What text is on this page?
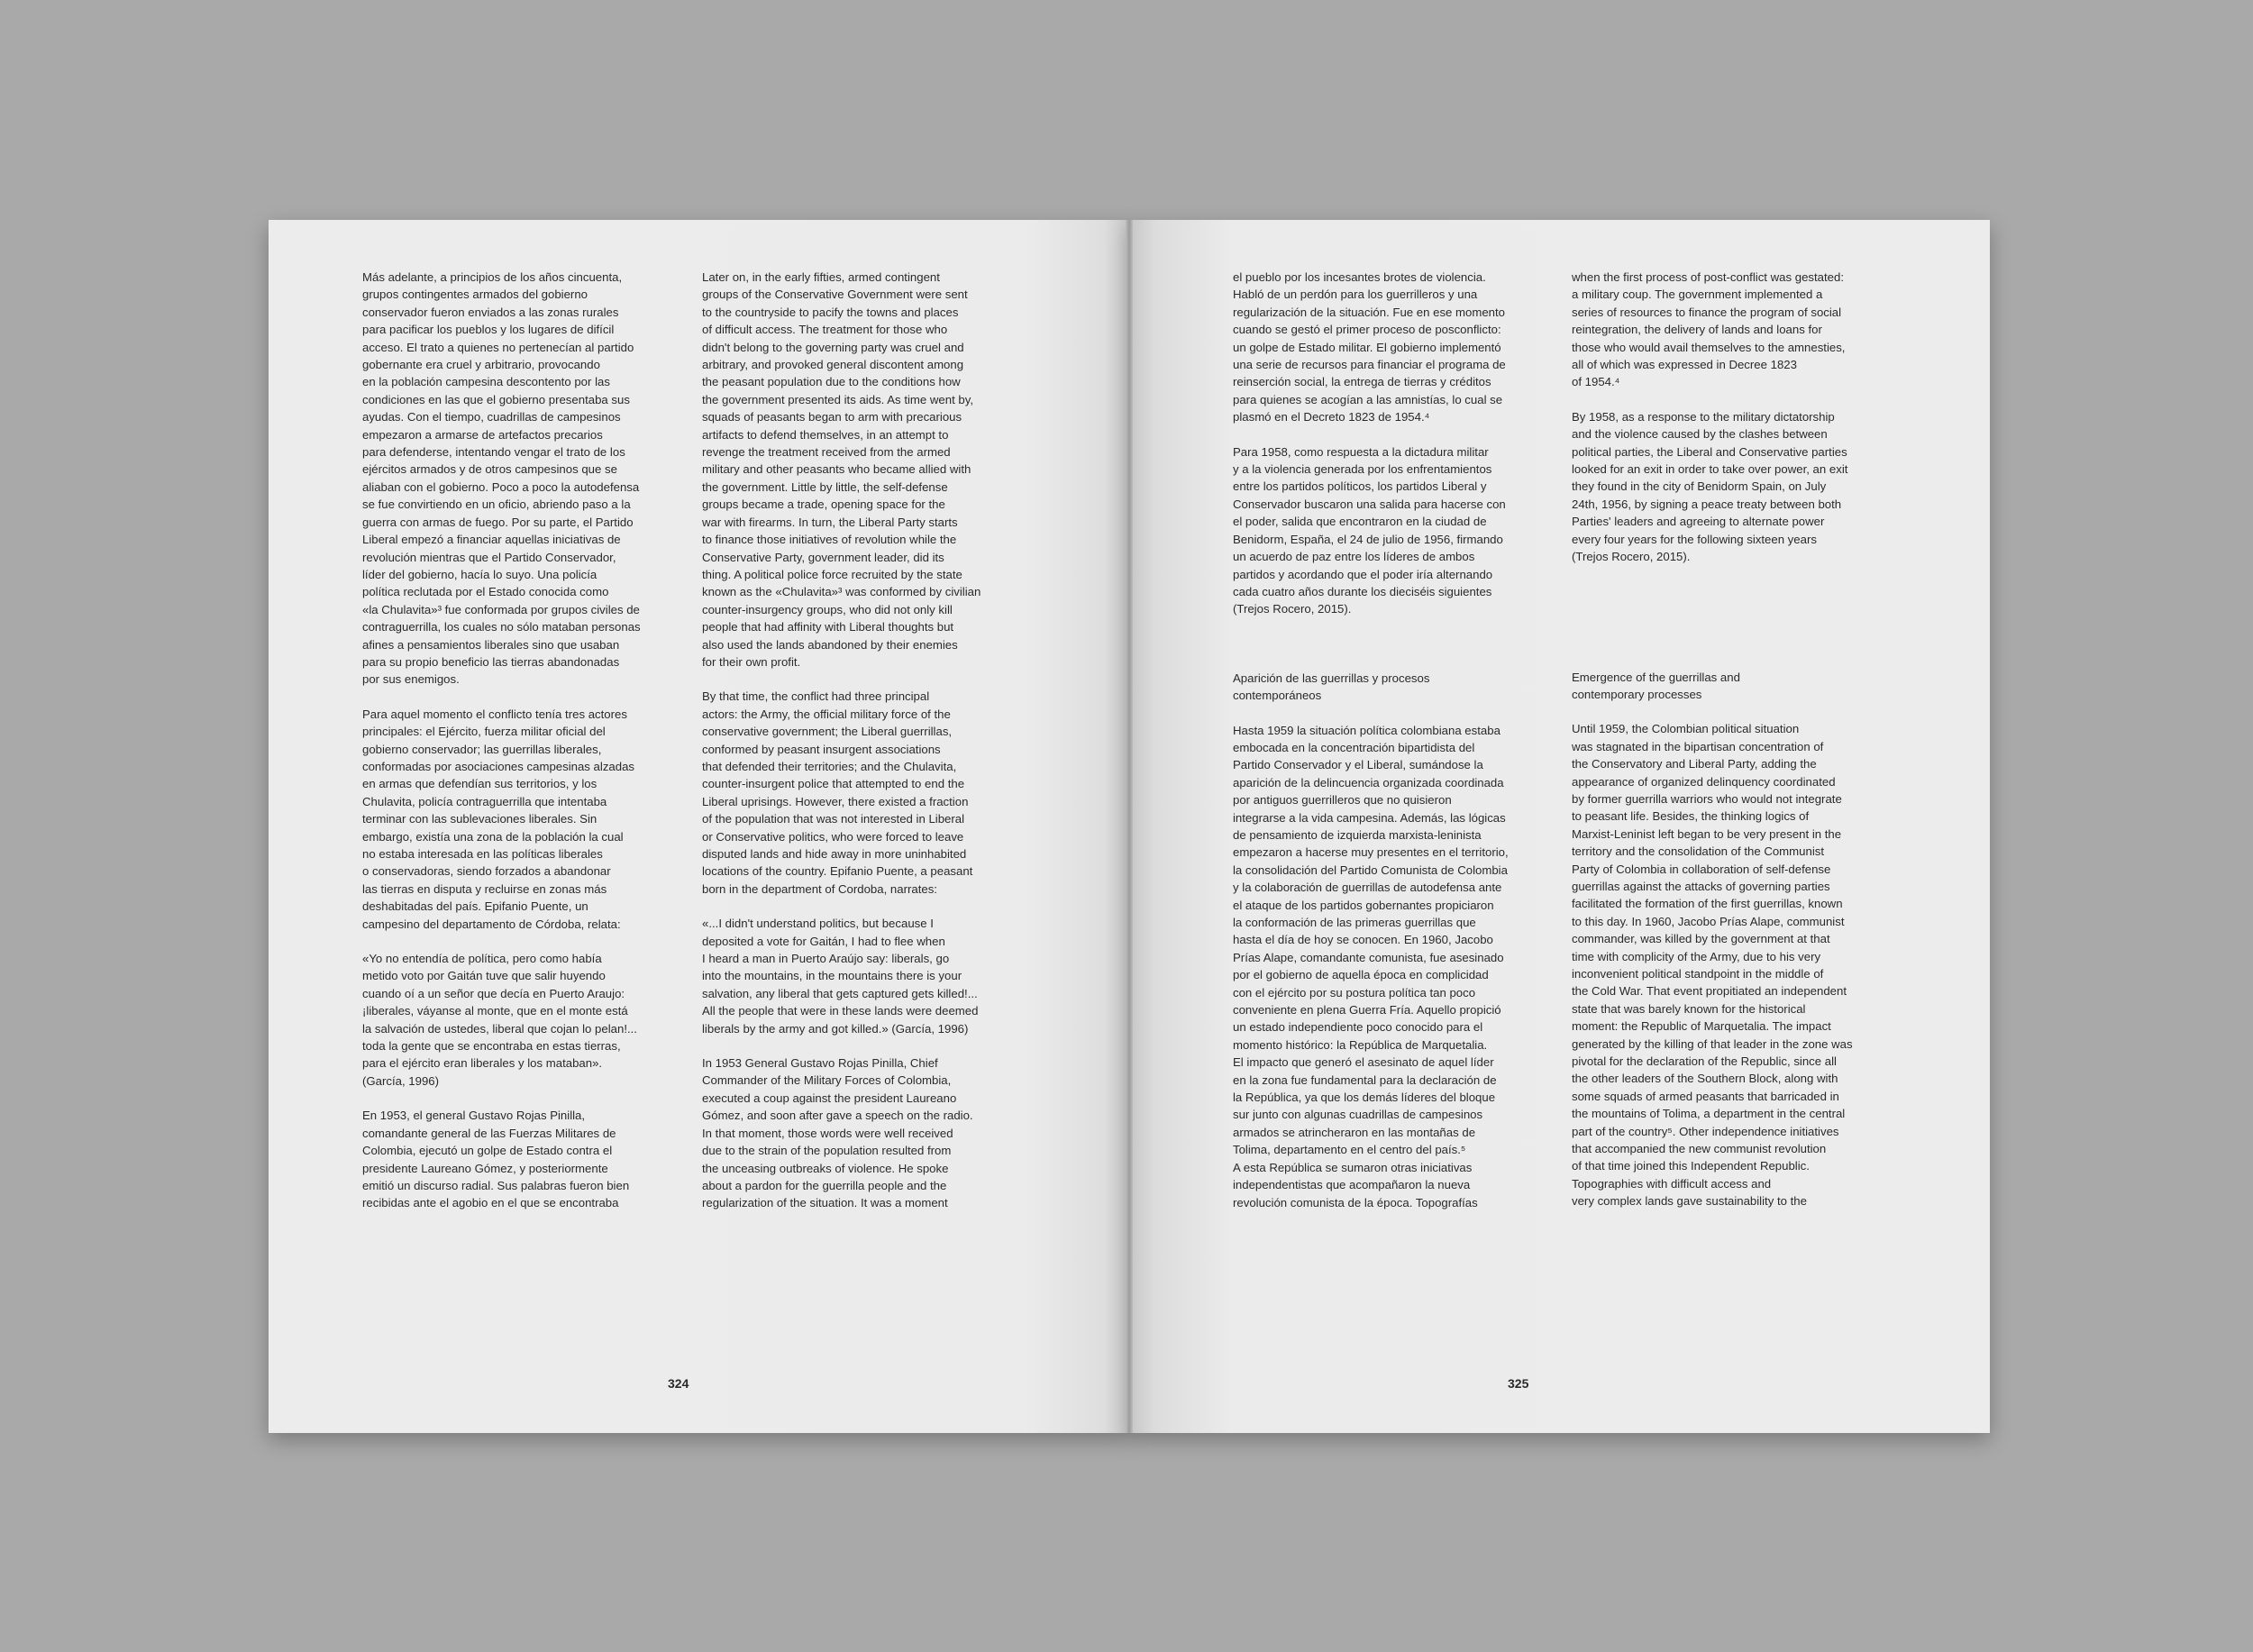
Más adelante, a principios de los años cincuenta,
grupos contingentes armados del gobierno
conservador fueron enviados a las zonas rurales
para pacificar los pueblos y los lugares de difícil
acceso. El trato a quienes no pertenecían al partido
gobernante era cruel y arbitrario, provocando
en la población campesina descontento por las
condiciones en las que el gobierno presentaba sus
ayudas. Con el tiempo, cuadrillas de campesinos
empezaron a armarse de artefactos precarios
para defenderse, intentando vengar el trato de los
ejércitos armados y de otros campesinos que se
aliaban con el gobierno. Poco a poco la autodefensa
se fue convirtiendo en un oficio, abriendo paso a la
guerra con armas de fuego. Por su parte, el Partido
Liberal empezó a financiar aquellas iniciativas de
revolución mientras que el Partido Conservador,
líder del gobierno, hacía lo suyo. Una policía
política reclutada por el Estado conocida como
«la Chulavita»³ fue conformada por grupos civiles de
contraguerrilla, los cuales no sólo mataban personas
afines a pensamientos liberales sino que usaban
para su propio beneficio las tierras abandonadas
por sus enemigos.

Para aquel momento el conflicto tenía tres actores
principales: el Ejército, fuerza militar oficial del
gobierno conservador; las guerrillas liberales,
conformadas por asociaciones campesinas alzadas
en armas que defendían sus territorios, y los
Chulavita, policía contraguerrilla que intentaba
terminar con las sublevaciones liberales. Sin
embargo, existía una zona de la población la cual
no estaba interesada en las políticas liberales
o conservadoras, siendo forzados a abandonar
las tierras en disputa y recluirse en zonas más
deshabitadas del país. Epifanio Puente, un
campesino del departamento de Córdoba, relata:

«Yo no entendía de política, pero como había
metido voto por Gaitán tuve que salir huyendo
cuando oí a un señor que decía en Puerto Araujo:
¡liberales, váyanse al monte, que en el monte está
la salvación de ustedes, liberal que cojan lo pelan!...
toda la gente que se encontraba en estas tierras,
para el ejército eran liberales y los mataban».
(García, 1996)

En 1953, el general Gustavo Rojas Pinilla,
comandante general de las Fuerzas Militares de
Colombia, ejecutó un golpe de Estado contra el
presidente Laureano Gómez, y posteriormente
emitió un discurso radial. Sus palabras fueron bien
recibidas ante el agobio en el que se encontraba

Later on, in the early fifties, armed contingent
groups of the Conservative Government were sent
to the countryside to pacify the towns and places
of difficult access. The treatment for those who
didn't belong to the governing party was cruel and
arbitrary, and provoked general discontent among
the peasant population due to the conditions how
the government presented its aids. As time went by,
squads of peasants began to arm with precarious
artifacts to defend themselves, in an attempt to
revenge the treatment received from the armed
military and other peasants who became allied with
the government. Little by little, the self-defense
groups became a trade, opening space for the
war with firearms. In turn, the Liberal Party starts
to finance those initiatives of revolution while the
Conservative Party, government leader, did its
thing. A political police force recruited by the state
known as the «Chulavita»³ was conformed by civilian
counter-insurgency groups, who did not only kill
people that had affinity with Liberal thoughts but
also used the lands abandoned by their enemies
for their own profit.

By that time, the conflict had three principal
actors: the Army, the official military force of the
conservative government; the Liberal guerrillas,
conformed by peasant insurgent associations
that defended their territories; and the Chulavita,
counter-insurgent police that attempted to end the
Liberal uprisings. However, there existed a fraction
of the population that was not interested in Liberal
or Conservative politics, who were forced to leave
disputed lands and hide away in more uninhabited
locations of the country. Epifanio Puente, a peasant
born in the department of Cordoba, narrates:

«...I didn't understand politics, but because I
deposited a vote for Gaitán, I had to flee when
I heard a man in Puerto Araújo say: liberals, go
into the mountains, in the mountains there is your
salvation, any liberal that gets captured gets killed!...
All the people that were in these lands were deemed
liberals by the army and got killed.» (García, 1996)

In 1953 General Gustavo Rojas Pinilla, Chief
Commander of the Military Forces of Colombia,
executed a coup against the president Laureano
Gómez, and soon after gave a speech on the radio.
In that moment, those words were well received
due to the strain of the population resulted from
the unceasing outbreaks of violence. He spoke
about a pardon for the guerrilla people and the
regularization of the situation. It was a moment

324

el pueblo por los incesantes brotes de violencia.
Habló de un perdón para los guerrilleros y una
regularización de la situación. Fue en ese momento
cuando se gestó el primer proceso de posconflicto:
un golpe de Estado militar. El gobierno implementó
una serie de recursos para financiar el programa de
reinserción social, la entrega de tierras y créditos
para quienes se acogían a las amnistías, lo cual se
plasmó en el Decreto 1823 de 1954.⁴

Para 1958, como respuesta a la dictadura militar
y a la violencia generada por los enfrentamientos
entre los partidos políticos, los partidos Liberal y
Conservador buscaron una salida para hacerse con
el poder, salida que encontraron en la ciudad de
Benidorm, España, el 24 de julio de 1956, firmando
un acuerdo de paz entre los líderes de ambos
partidos y acordando que el poder iría alternando
cada cuatro años durante los dieciséis siguientes
(Trejos Rocero, 2015).

Aparición de las guerrillas y procesos
contemporáneos

Hasta 1959 la situación política colombiana estaba
embocada en la concentración bipartidista del
Partido Conservador y el Liberal, sumándose la
aparición de la delincuencia organizada coordinada
por antiguos guerrilleros que no quisieron
integrarse a la vida campesina. Además, las lógicas
de pensamiento de izquierda marxista-leninista
empezaron a hacerse muy presentes en el territorio,
la consolidación del Partido Comunista de Colombia
y la colaboración de guerrillas de autodefensa ante
el ataque de los partidos gobernantes propiciaron
la conformación de las primeras guerrillas que
hasta el día de hoy se conocen. En 1960, Jacobo
Prías Alape, comandante comunista, fue asesinado
por el gobierno de aquella época en complicidad
con el ejército por su postura política tan poco
conveniente en plena Guerra Fría. Aquello propició
un estado independiente poco conocido para el
momento histórico: la República de Marquetalia.
El impacto que generó el asesinato de aquel líder
en la zona fue fundamental para la declaración de
la República, ya que los demás líderes del bloque
sur junto con algunas cuadrillas de campesinos
armados se atrincheraron en las montañas de
Tolima, departamento en el centro del país.⁵
A esta República se sumaron otras iniciativas
independentistas que acompañaron la nueva
revolución comunista de la época. Topografías

when the first process of post-conflict was gestated:
a military coup. The government implemented a
series of resources to finance the program of social
reintegration, the delivery of lands and loans for
those who would avail themselves to the amnesties,
all of which was expressed in Decree 1823
of 1954.⁴

By 1958, as a response to the military dictatorship
and the violence caused by the clashes between
political parties, the Liberal and Conservative parties
looked for an exit in order to take over power, an exit
they found in the city of Benidorm Spain, on July
24th, 1956, by signing a peace treaty between both
Parties' leaders and agreeing to alternate power
every four years for the following sixteen years
(Trejos Rocero, 2015).

Emergence of the guerrillas and
contemporary processes

Until 1959, the Colombian political situation
was stagnated in the bipartisan concentration of
the Conservatory and Liberal Party, adding the
appearance of organized delinquency coordinated
by former guerrilla warriors who would not integrate
to peasant life. Besides, the thinking logics of
Marxist-Leninist left began to be very present in the
territory and the consolidation of the Communist
Party of Colombia in collaboration of self-defense
guerrillas against the attacks of governing parties
facilitated the formation of the first guerrillas, known
to this day. In 1960, Jacobo Prías Alape, communist
commander, was killed by the government at that
time with complicity of the Army, due to his very
inconvenient political standpoint in the middle of
the Cold War. That event propitiated an independent
state that was barely known for the historical
moment: the Republic of Marquetalia. The impact
generated by the killing of that leader in the zone was
pivotal for the declaration of the Republic, since all
the other leaders of the Southern Block, along with
some squads of armed peasants that barricaded in
the mountains of Tolima, a department in the central
part of the country⁵. Other independence initiatives
that accompanied the new communist revolution
of that time joined this Independent Republic.
Topographies with difficult access and
very complex lands gave sustainability to the

325
